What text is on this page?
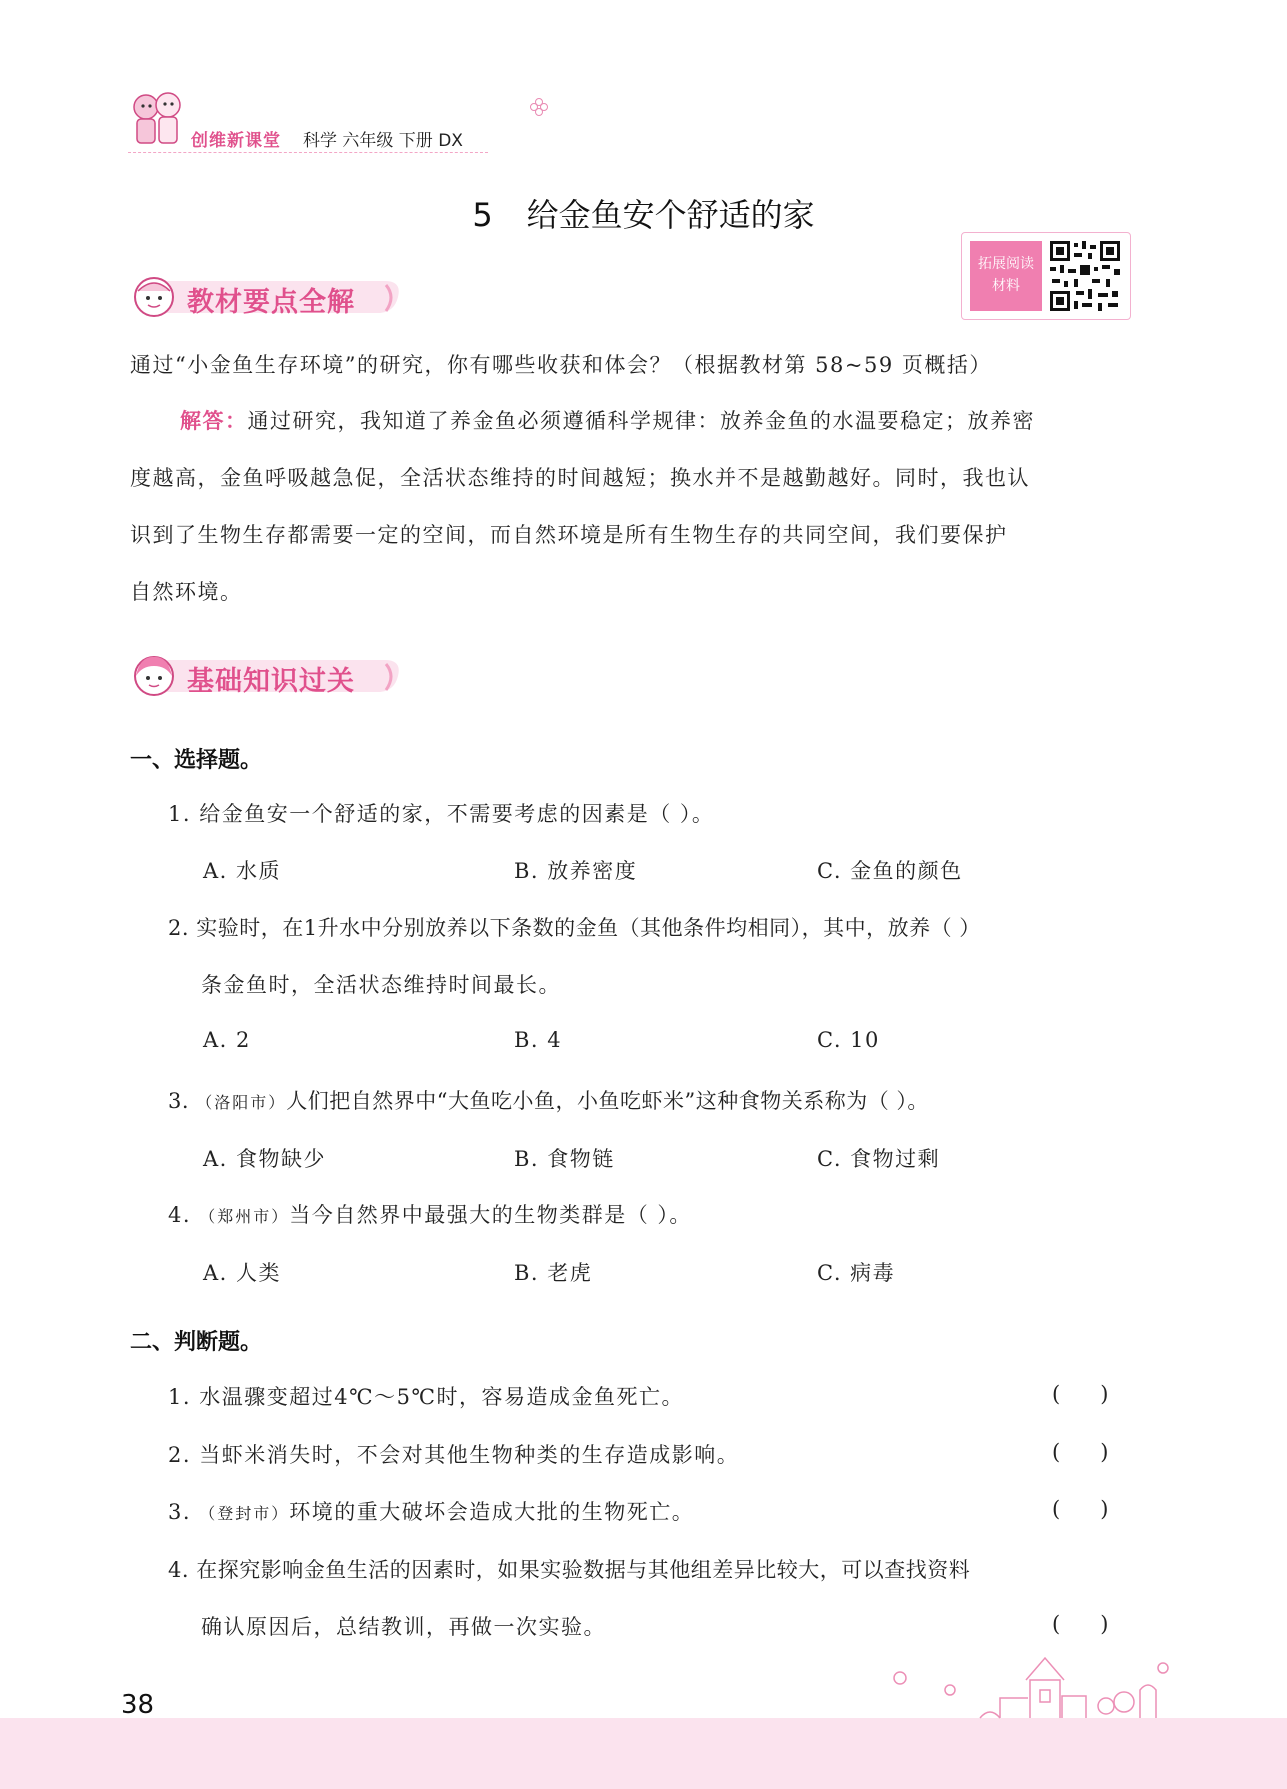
创维新课堂 科学 六年级 下册 DX
5 给金鱼安个舒适的家
拓展阅读
材料
教材要点全解
通过“小金鱼生存环境”的研究，你有哪些收获和体会？（根据教材第 58~59 页概括）
解答：通过研究，我知道了养金鱼必须遵循科学规律：放养金鱼的水温要稳定；放养密
度越高，金鱼呼吸越急促，全活状态维持的时间越短；换水并不是越勤越好。同时，我也认
识到了生物生存都需要一定的空间，而自然环境是所有生物生存的共同空间，我们要保护
自然环境。
基础知识过关
一、选择题。
1. 给金鱼安一个舒适的家，不需要考虑的因素是（ ）。
A. 水质	B. 放养密度	C. 金鱼的颜色
2. 实验时，在1升水中分别放养以下条数的金鱼（其他条件均相同），其中，放养（ ）
条金鱼时，全活状态维持时间最长。
A. 2	B. 4	C. 10
3. （洛阳市）人们把自然界中“大鱼吃小鱼，小鱼吃虾米”这种食物关系称为（ ）。
A. 食物缺少	B. 食物链	C. 食物过剩
4. （郑州市）当今自然界中最强大的生物类群是（ ）。
A. 人类	B. 老虎	C. 病毒
二、判断题。
1. 水温骤变超过4℃～5℃时，容易造成金鱼死亡。	(      )
2. 当虾米消失时，不会对其他生物种类的生存造成影响。	(      )
3. （登封市）环境的重大破坏会造成大批的生物死亡。	(      )
4. 在探究影响金鱼生活的因素时，如果实验数据与其他组差异比较大，可以查找资料
确认原因后，总结教训，再做一次实验。	(      )
38
